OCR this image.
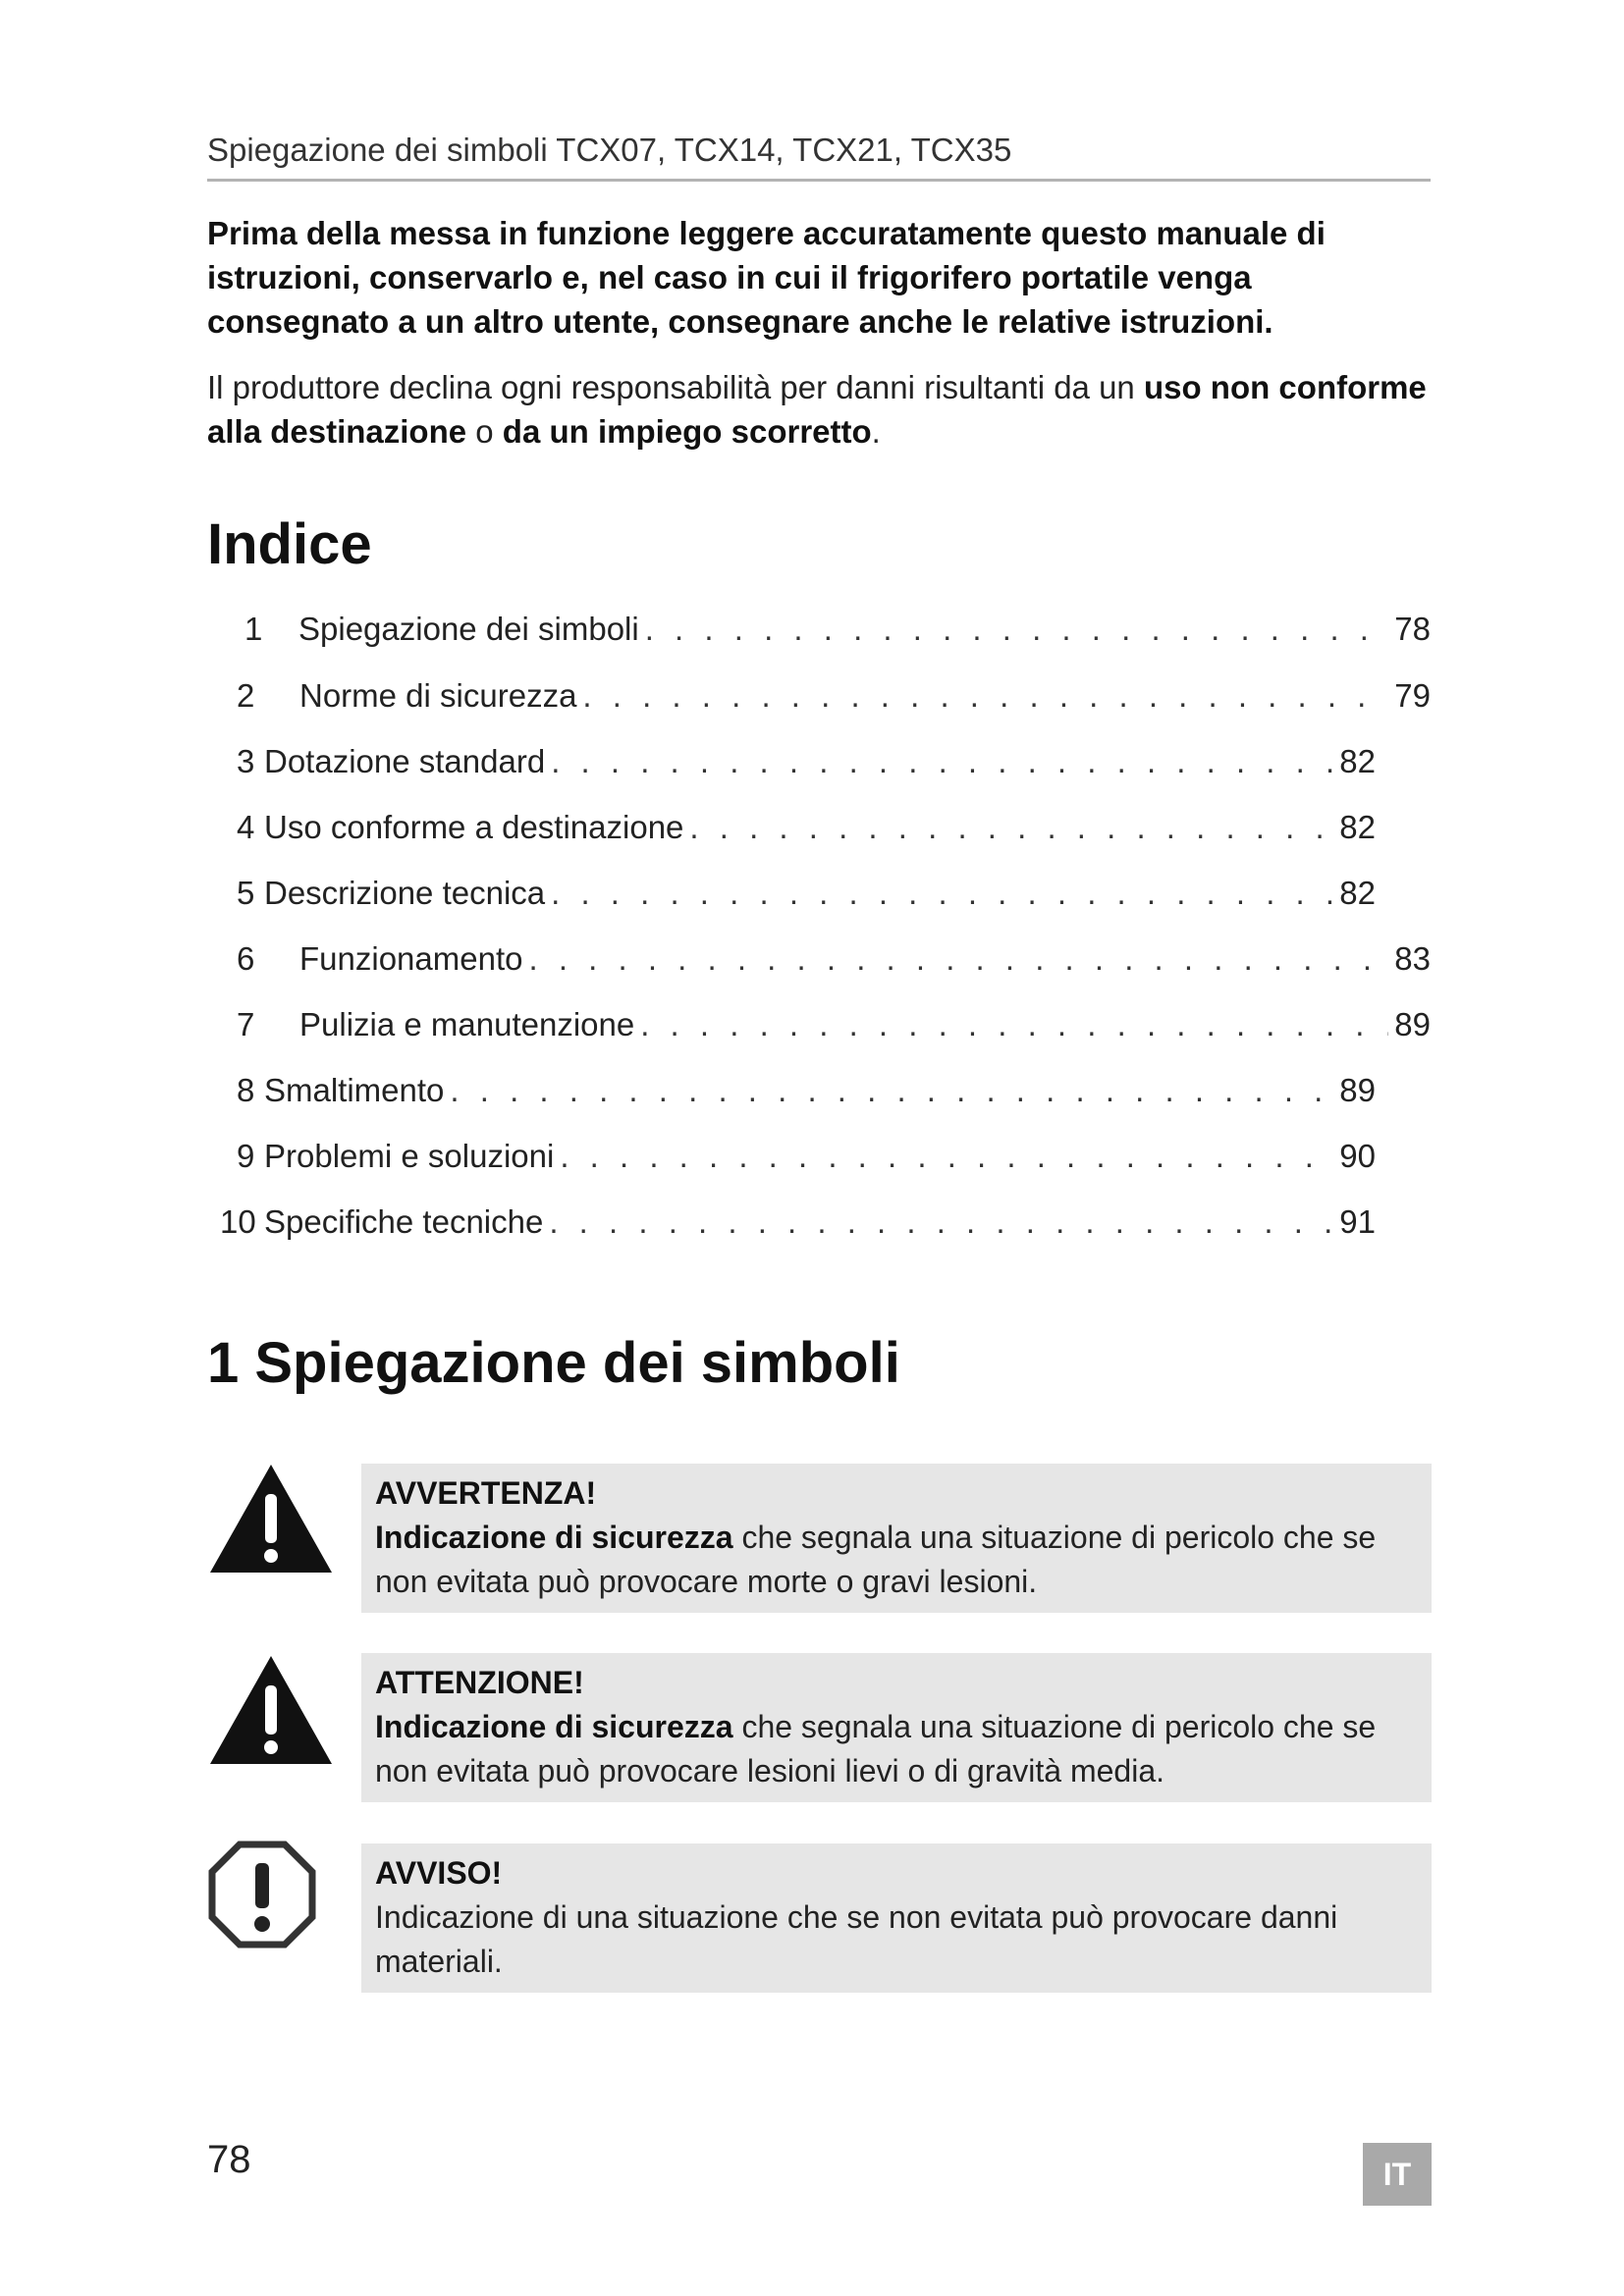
Spiegazione dei simboli TCX07, TCX14, TCX21, TCX35
Prima della messa in funzione leggere accuratamente questo manuale di istruzioni, conservarlo e, nel caso in cui il frigorifero portatile venga consegnato a un altro utente, consegnare anche le relative istruzioni.
Il produttore declina ogni responsabilità per danni risultanti da un uso non conforme alla destinazione o da un impiego scorretto.
Indice
1	Spiegazione dei simboli . . .	78
2	Norme di sicurezza . . .	79
3 Dotazione standard . . .	82
4 Uso conforme a destinazione . . .	82
5 Descrizione tecnica . . .	82
6	Funzionamento . . .	83
7	Pulizia e manutenzione . . .	89
8 Smaltimento . . .	89
9 Problemi e soluzioni . . .	90
10 Specifiche tecniche . . .	91
1 Spiegazione dei simboli
AVVERTENZA!
Indicazione di sicurezza che segnala una situazione di pericolo che se non evitata può provocare morte o gravi lesioni.
ATTENZIONE!
Indicazione di sicurezza che segnala una situazione di pericolo che se non evitata può provocare lesioni lievi o di gravità media.
AVVISO!
Indicazione di una situazione che se non evitata può provocare danni materiali.
78	IT
